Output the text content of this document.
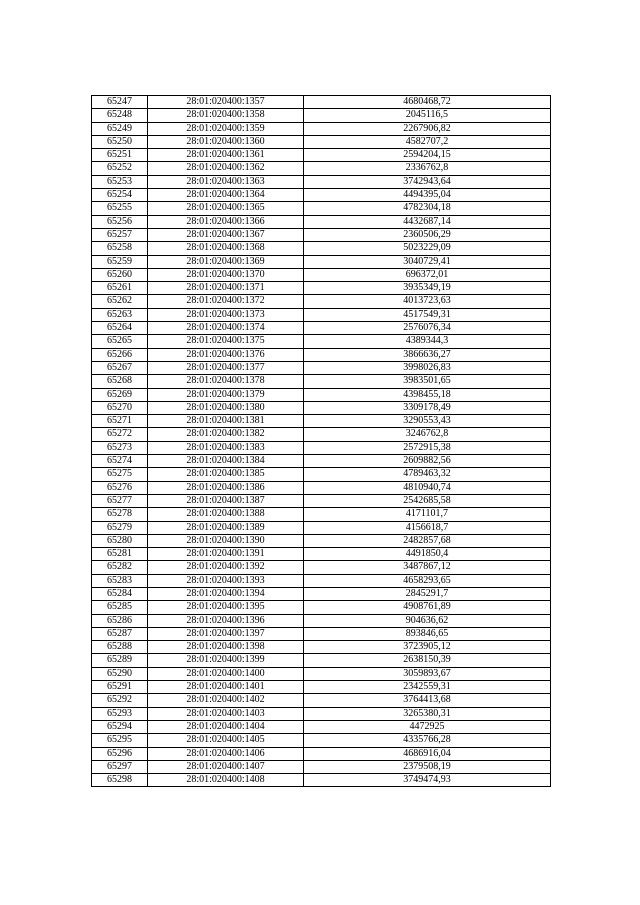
65247	28:01:020400:1357	4680468,72
65248	28:01:020400:1358	2045116,5
65249	28:01:020400:1359	2267906,82
65250	28:01:020400:1360	4582707,2
65251	28:01:020400:1361	2594204,15
65252	28:01:020400:1362	2336762,8
65253	28:01:020400:1363	3742943,64
65254	28:01:020400:1364	4494395,04
65255	28:01:020400:1365	4782304,18
65256	28:01:020400:1366	4432687,14
65257	28:01:020400:1367	2360506,29
65258	28:01:020400:1368	5023229,09
65259	28:01:020400:1369	3040729,41
65260	28:01:020400:1370	696372,01
65261	28:01:020400:1371	3935349,19
65262	28:01:020400:1372	4013723,63
65263	28:01:020400:1373	4517549,31
65264	28:01:020400:1374	2576076,34
65265	28:01:020400:1375	4389344,3
65266	28:01:020400:1376	3866636,27
65267	28:01:020400:1377	3998026,83
65268	28:01:020400:1378	3983501,65
65269	28:01:020400:1379	4398455,18
65270	28:01:020400:1380	3309178,49
65271	28:01:020400:1381	3290553,43
65272	28:01:020400:1382	3246762,8
65273	28:01:020400:1383	2572915,38
65274	28:01:020400:1384	2609882,56
65275	28:01:020400:1385	4789463,32
65276	28:01:020400:1386	4810940,74
65277	28:01:020400:1387	2542685,58
65278	28:01:020400:1388	4171101,7
65279	28:01:020400:1389	4156618,7
65280	28:01:020400:1390	2482857,68
65281	28:01:020400:1391	4491850,4
65282	28:01:020400:1392	3487867,12
65283	28:01:020400:1393	4658293,65
65284	28:01:020400:1394	2845291,7
65285	28:01:020400:1395	4908761,89
65286	28:01:020400:1396	904636,62
65287	28:01:020400:1397	893846,65
65288	28:01:020400:1398	3723905,12
65289	28:01:020400:1399	2638150,39
65290	28:01:020400:1400	3059893,67
65291	28:01:020400:1401	2342559,31
65292	28:01:020400:1402	3764413,68
65293	28:01:020400:1403	3265380,31
65294	28:01:020400:1404	4472925
65295	28:01:020400:1405	4335766,28
65296	28:01:020400:1406	4686916,04
65297	28:01:020400:1407	2379508,19
65298	28:01:020400:1408	3749474,93
